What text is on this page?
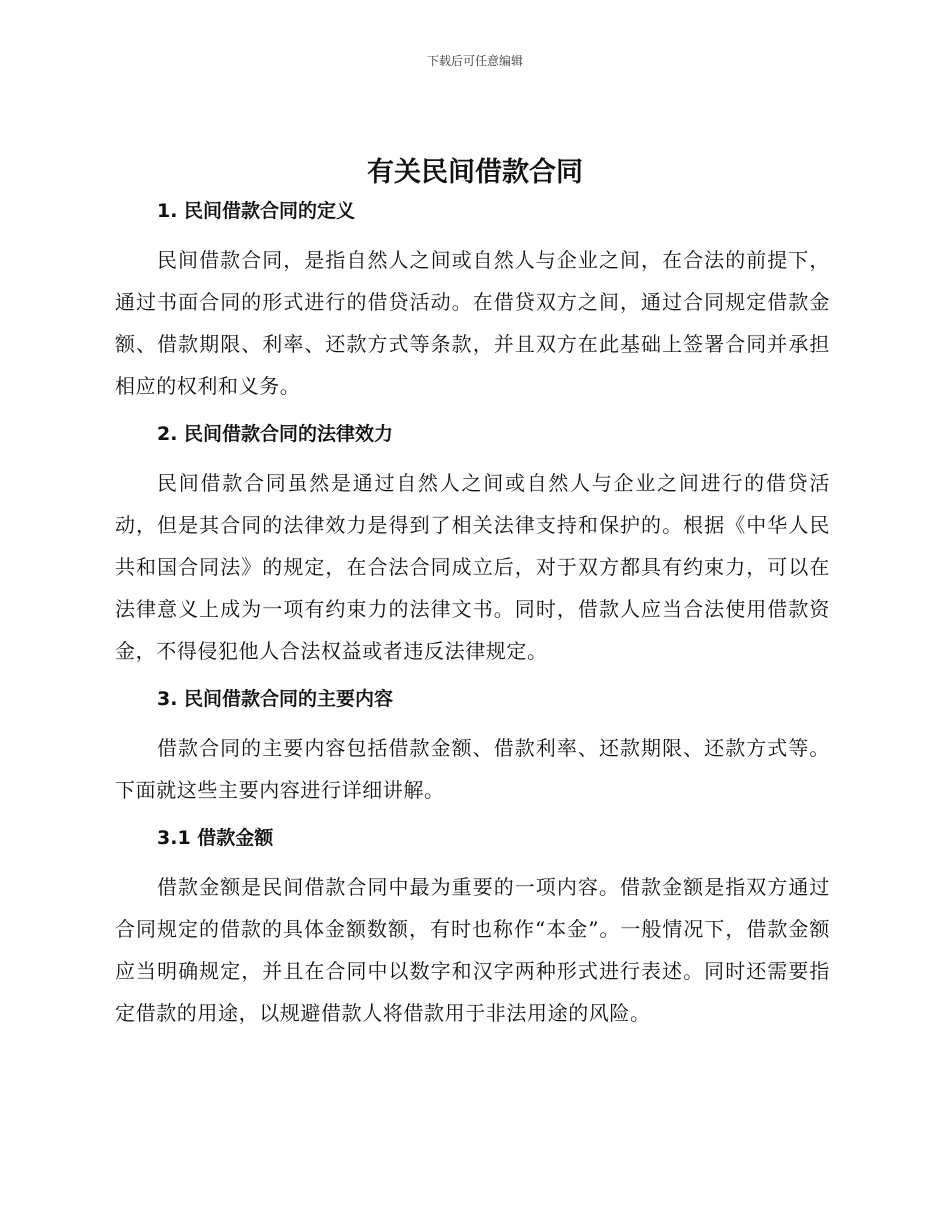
下载后可任意编辑
有关民间借款合同
1. 民间借款合同的定义

民间借款合同，是指自然人之间或自然人与企业之间，在合法的前提下，通过书面合同的形式进行的借贷活动。在借贷双方之间，通过合同规定借款金额、借款期限、利率、还款方式等条款，并且双方在此基础上签署合同并承担相应的权利和义务。

2. 民间借款合同的法律效力

民间借款合同虽然是通过自然人之间或自然人与企业之间进行的借贷活动，但是其合同的法律效力是得到了相关法律支持和保护的。根据《中华人民共和国合同法》的规定，在合法合同成立后，对于双方都具有约束力，可以在法律意义上成为一项有约束力的法律文书。同时，借款人应当合法使用借款资金，不得侵犯他人合法权益或者违反法律规定。

3. 民间借款合同的主要内容

借款合同的主要内容包括借款金额、借款利率、还款期限、还款方式等。下面就这些主要内容进行详细讲解。

3.1 借款金额

借款金额是民间借款合同中最为重要的一项内容。借款金额是指双方通过合同规定的借款的具体金额数额，有时也称作“本金”。一般情况下，借款金额应当明确规定，并且在合同中以数字和汉字两种形式进行表述。同时还需要指定借款的用途，以规避借款人将借款用于非法用途的风险。
